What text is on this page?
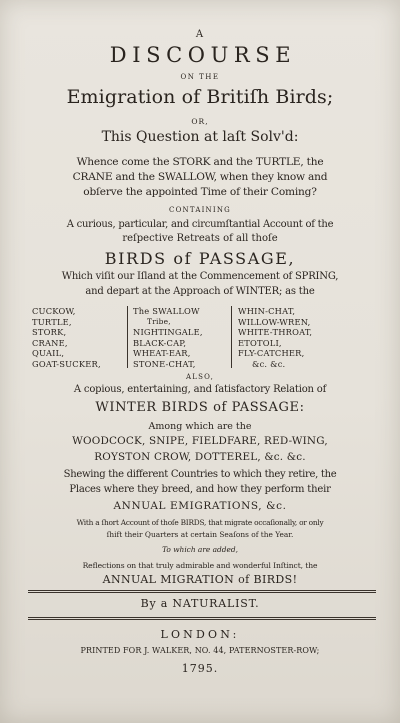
A
DISCOURSE
ON THE
Emigration of Britiſh Birds;
OR,
This Question at laſt Solv'd:
Whence come the STORK and the TURTLE, the
CRANE and the SWALLOW, when they know and
obſerve the appointed Time of their Coming?
CONTAINING
A curious, particular, and circumſtantial Account of the
reſpective Retreats of all thoſe
BIRDS of PASSAGE,
Which viſit our Iſland at the Commencement of SPRING,
and depart at the Approach of WINTER; as the
CUCKOW,
TURTLE,
STORK,
CRANE,
QUAIL,
GOAT-SUCKER,
The SWALLOW
Tribe,
NIGHTINGALE,
BLACK-CAP,
WHEAT-EAR,
STONE-CHAT,
WHIN-CHAT,
WILLOW-WREN,
WHITE-THROAT,
ETOTOLI,
FLY-CATCHER,
&c. &c.
ALSO,
A copious, entertaining, and ſatisfactory Relation of
WINTER BIRDS of PASSAGE:
Among which are the
WOODCOCK, SNIPE, FIELDFARE, RED-WING,
ROYSTON CROW, DOTTEREL, &c. &c.
Shewing the different Countries to which they retire, the
Places where they breed, and how they perform their
ANNUAL EMIGRATIONS, &c.
With a ſhort Account of thoſe BIRDS, that migrate occaſionally, or only
ſhift their Quarters at certain Seaſons of the Year.
To which are added,
Reflections on that truly admirable and wonderful Inſtinct, the
ANNUAL MIGRATION of BIRDS!
By a NATURALIST.
LONDON:
PRINTED FOR J. WALKER, NO. 44, PATERNOSTER-ROW;
1795.
